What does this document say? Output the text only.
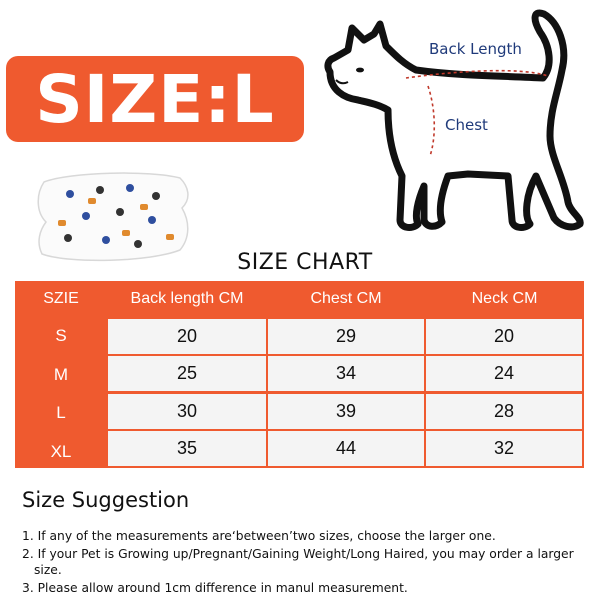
SIZE:L
Back Length
Chest
SIZE CHART
SZIE	Back length CM	Chest CM	Neck CM
S	20	29	20
M	25	34	24
L	30	39	28
XL	35	44	32
Size Suggestion
1. If any of the measurements are‘between’two sizes, choose the larger one.
2. If your Pet is Growing up/Pregnant/Gaining Weight/Long Haired, you may order a larger size.
3. Please allow around 1cm difference in manul measurement.
